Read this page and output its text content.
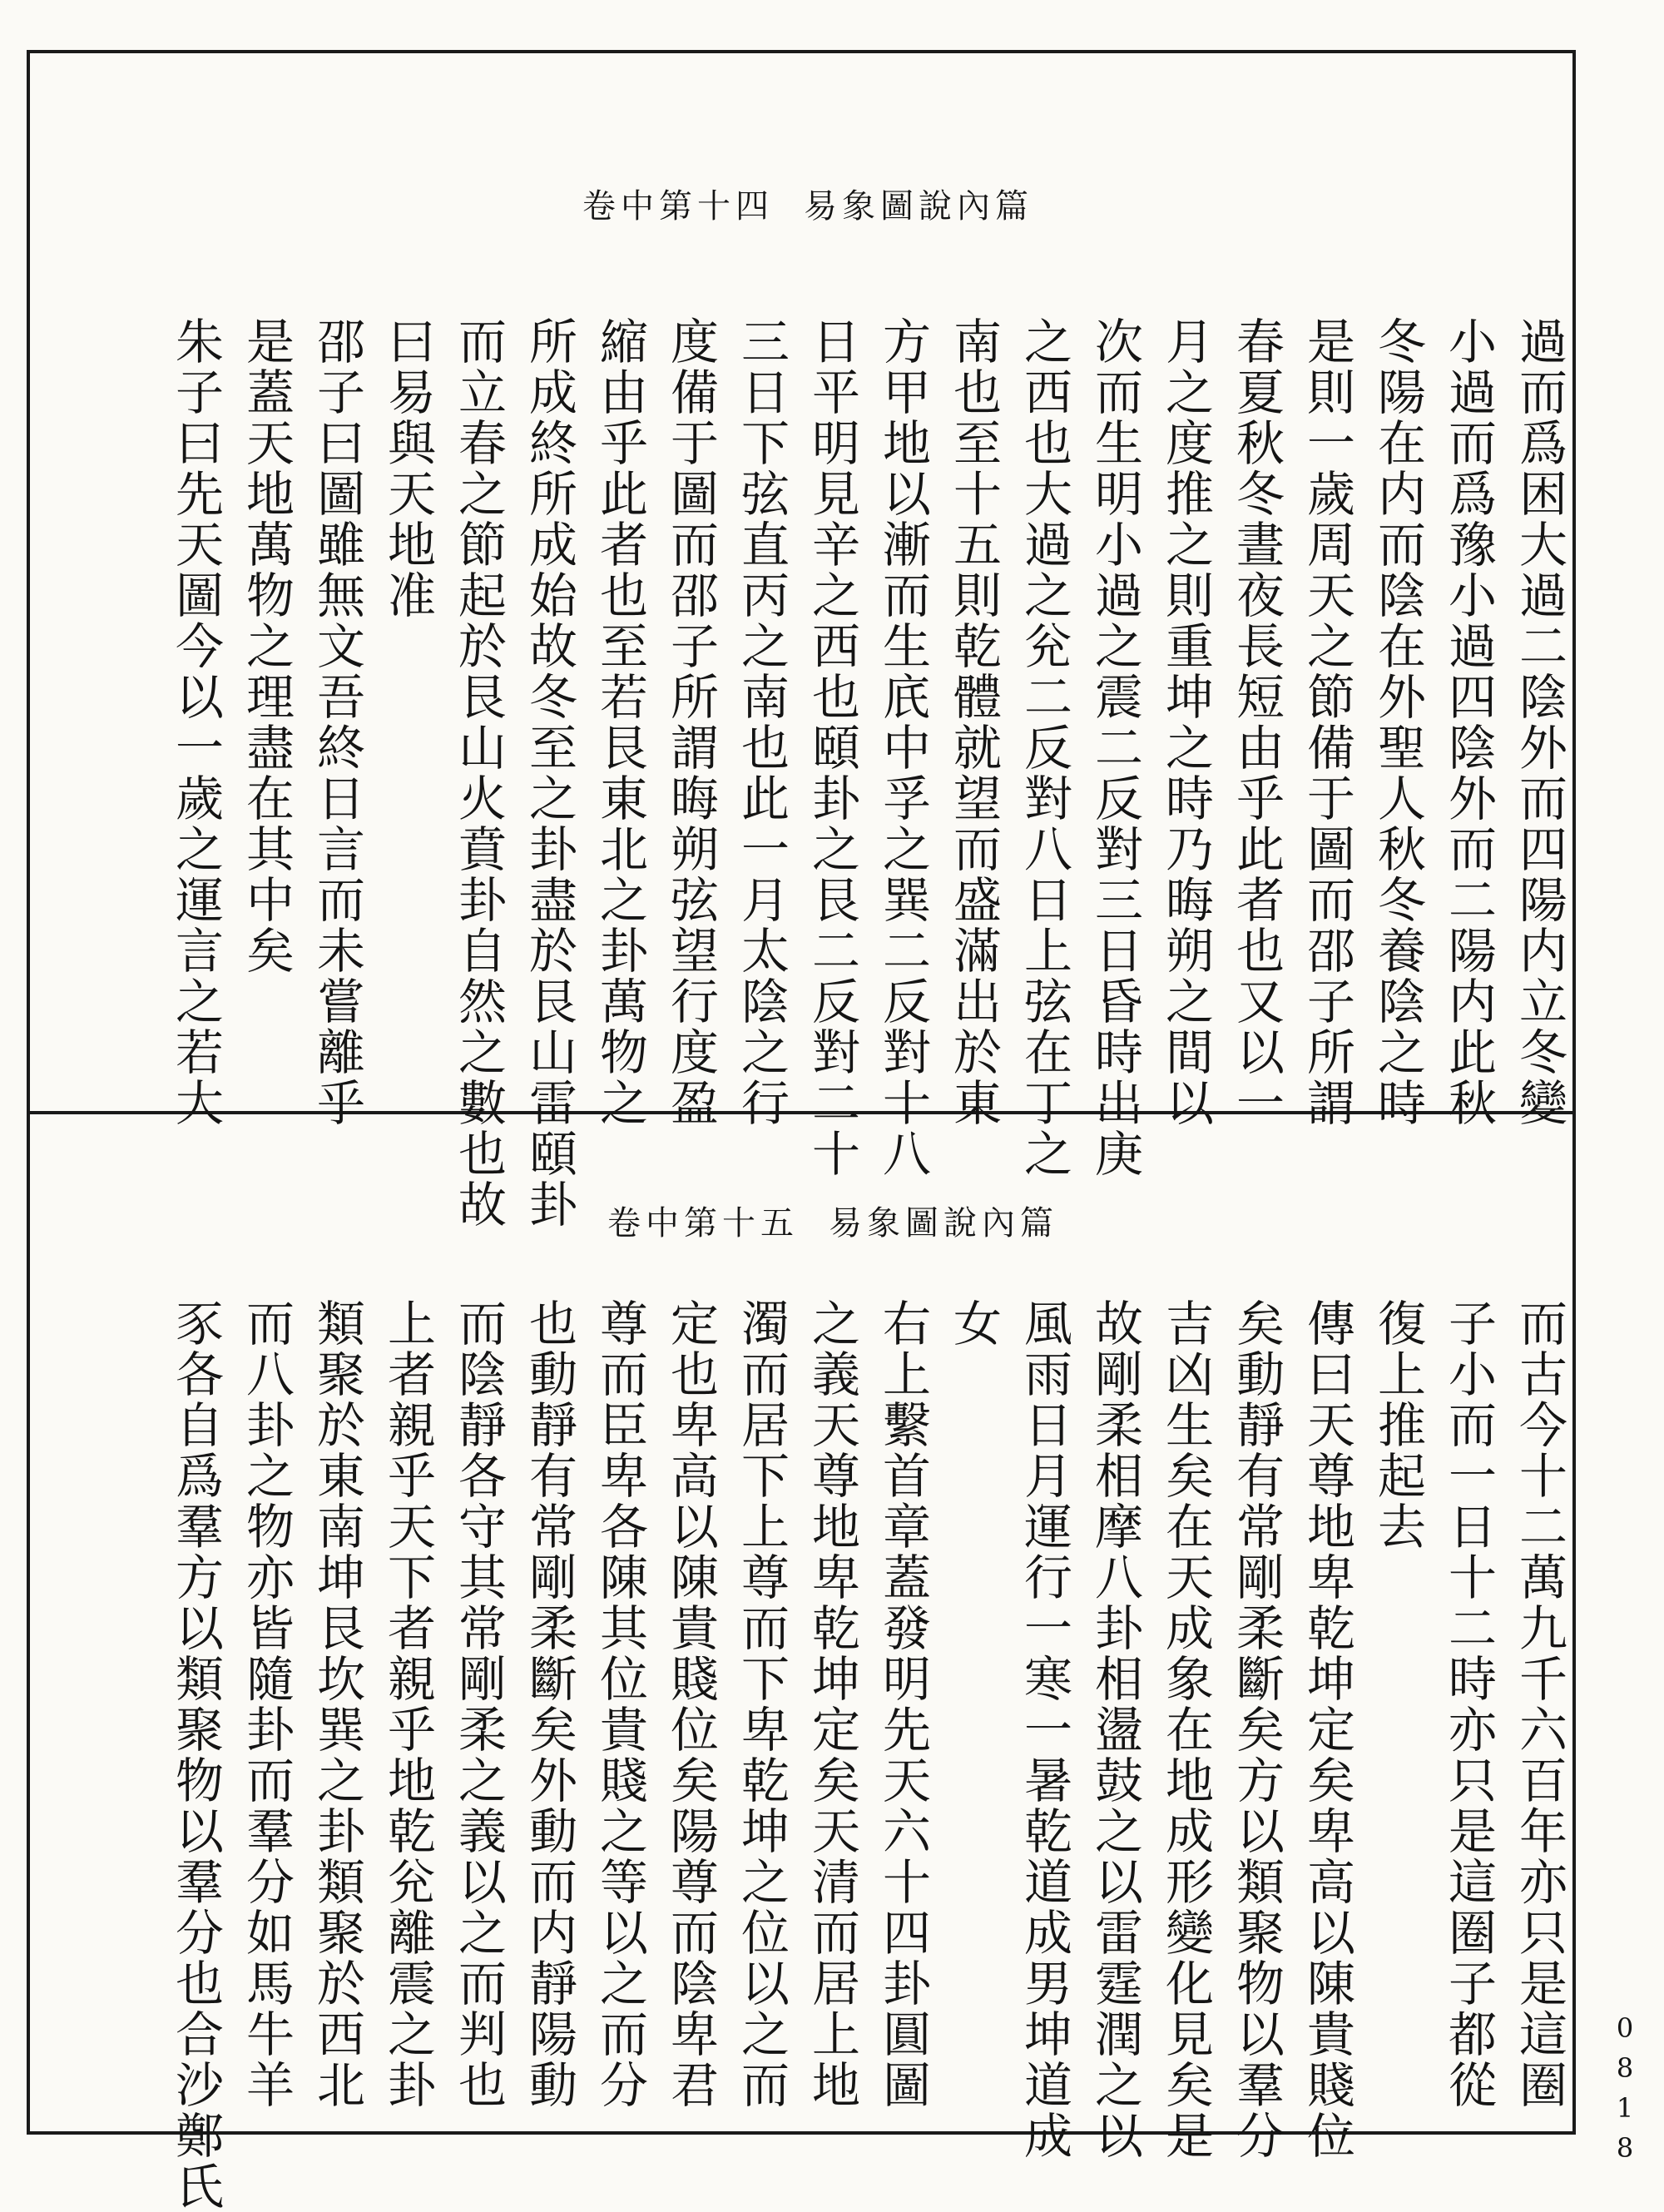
卷中第十四 易象圖說內篇
過而爲困大過二陰外而四陽内立冬變
小過而爲豫小過四陰外而二陽内此秋
冬陽在内而陰在外聖人秋冬養陰之時
是則一歲周天之節備于圖而邵子所謂
春夏秋冬晝夜長短由乎此者也又以一
月之度推之則重坤之時乃晦朔之間以
次而生明小過之震二反對三日昏時出庚
之西也大過之兊二反對八日上弦在丁之
南也至十五則乾體就望而盛滿出於東
方甲地以漸而生㡳中孚之巽二反對十八
日平明見辛之西也頤卦之艮二反對二十
三日下弦直丙之南也此一月太陰之行
度備于圖而邵子所謂晦朔弦望行度盈
縮由乎此者也至若艮東北之卦萬物之
所成終所成始故冬至之卦盡於艮山雷頤卦
而立春之節起於艮山火賁卦自然之數也故
曰易與天地准
邵子曰圖雖無文吾終日言而未嘗離乎
是蓋天地萬物之理盡在其中矣
朱子曰先天圖今以一歲之運言之若大
卷中第十五 易象圖說內篇
而古今十二萬九千六百年亦只是這圈
子小而一日十二時亦只是這圈子都從
復上推起去
傳曰天尊地卑乾坤定矣卑高以陳貴賤位
矣動靜有常剛柔斷矣方以類聚物以羣分
吉凶生矣在天成象在地成形變化見矣是
故剛柔相摩八卦相盪鼓之以雷霆潤之以
風雨日月運行一寒一暑乾道成男坤道成
女
右上繫首章蓋發明先天六十四卦圓圖
之義天尊地卑乾坤定矣天清而居上地
濁而居下上尊而下卑乾坤之位以之而
定也卑高以陳貴賤位矣陽尊而陰卑君
尊而臣卑各陳其位貴賤之等以之而分
也動靜有常剛柔斷矣外動而内靜陽動
而陰靜各守其常剛柔之義以之而判也
上者親乎天下者親乎地乾兊離震之卦
類聚於東南坤艮坎巽之卦類聚於西北
而八卦之物亦皆隨卦而羣分如馬牛羊
豕各自爲羣方以類聚物以羣分也合沙鄭氏	0818
